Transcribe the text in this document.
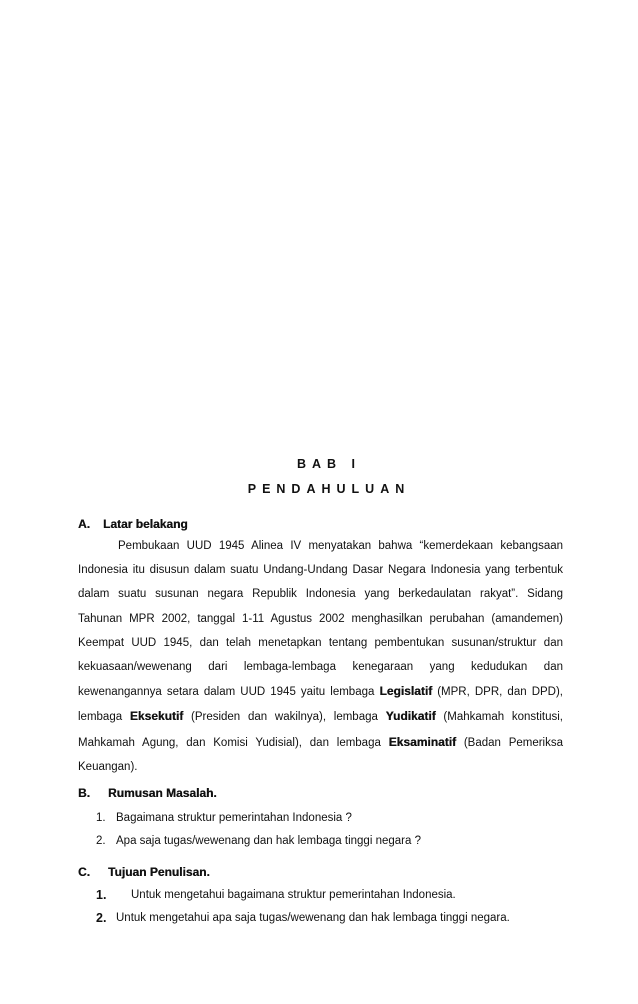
BAB I
PENDAHULUAN
A.	Latar belakang
Pembukaan UUD 1945 Alinea IV menyatakan bahwa “kemerdekaan kebangsaan
Indonesia itu disusun dalam suatu Undang-Undang Dasar Negara Indonesia yang terbentuk
dalam suatu susunan negara Republik Indonesia yang berkedaulatan rakyat”. Sidang
Tahunan MPR 2002, tanggal 1-11 Agustus 2002 menghasilkan perubahan (amandemen)
Keempat UUD 1945, dan telah menetapkan tentang pembentukan susunan/struktur dan
kekuasaan/wewenang dari lembaga-lembaga kenegaraan yang kedudukan dan
kewenangannya setara dalam UUD 1945 yaitu lembaga Legislatif (MPR, DPR, dan DPD),
lembaga Eksekutif (Presiden dan wakilnya), lembaga Yudikatif (Mahkamah konstitusi,
Mahkamah Agung, dan Komisi Yudisial), dan lembaga Eksaminatif (Badan Pemeriksa
Keuangan).
B.	Rumusan Masalah.
1. Bagaimana struktur pemerintahan Indonesia ?
2. Apa saja tugas/wewenang dan hak lembaga tinggi negara ?
C.	Tujuan Penulisan.
1.	Untuk mengetahui bagaimana struktur pemerintahan Indonesia.
2. Untuk mengetahui apa saja tugas/wewenang dan hak lembaga tinggi negara.
